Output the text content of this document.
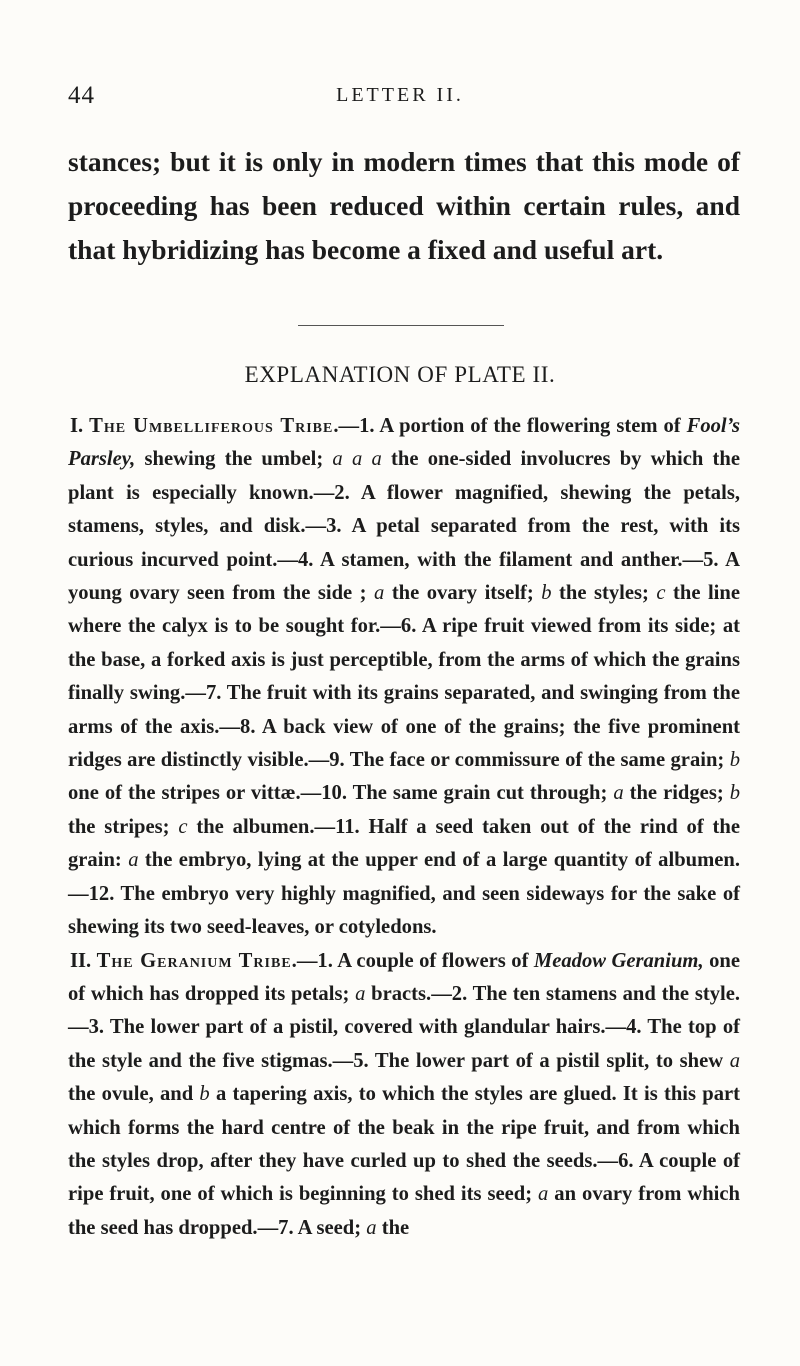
44	LETTER II.

stances; but it is only in modern times that this mode of proceeding has been reduced within certain rules, and that hybridizing has become a fixed and useful art.

EXPLANATION OF PLATE II.

I. The Umbelliferous Tribe.—1. A portion of the flowering stem of Fool’s Parsley, shewing the umbel; a a a the one-sided involucres by which the plant is especially known.—2. A flower magnified, shewing the petals, stamens, styles, and disk.—3. A petal separated from the rest, with its curious incurved point.—4. A stamen, with the filament and anther.—5. A young ovary seen from the side ; a the ovary itself; b the styles; c the line where the calyx is to be sought for.—6. A ripe fruit viewed from its side; at the base, a forked axis is just perceptible, from the arms of which the grains finally swing.—7. The fruit with its grains separated, and swinging from the arms of the axis.—8. A back view of one of the grains; the five prominent ridges are distinctly visible.—9. The face or commissure of the same grain; b one of the stripes or vittæ.—10. The same grain cut through; a the ridges; b the stripes; c the albumen.—11. Half a seed taken out of the rind of the grain: a the embryo, lying at the upper end of a large quantity of albumen.—12. The embryo very highly magnified, and seen sideways for the sake of shewing its two seed-leaves, or cotyledons.

II. The Geranium Tribe.—1. A couple of flowers of Meadow Geranium, one of which has dropped its petals; a bracts.—2. The ten stamens and the style.—3. The lower part of a pistil, covered with glandular hairs.—4. The top of the style and the five stigmas.—5. The lower part of a pistil split, to shew a the ovule, and b a tapering axis, to which the styles are glued. It is this part which forms the hard centre of the beak in the ripe fruit, and from which the styles drop, after they have curled up to shed the seeds.—6. A couple of ripe fruit, one of which is beginning to shed its seed; a an ovary from which the seed has dropped.—7. A seed; a the
